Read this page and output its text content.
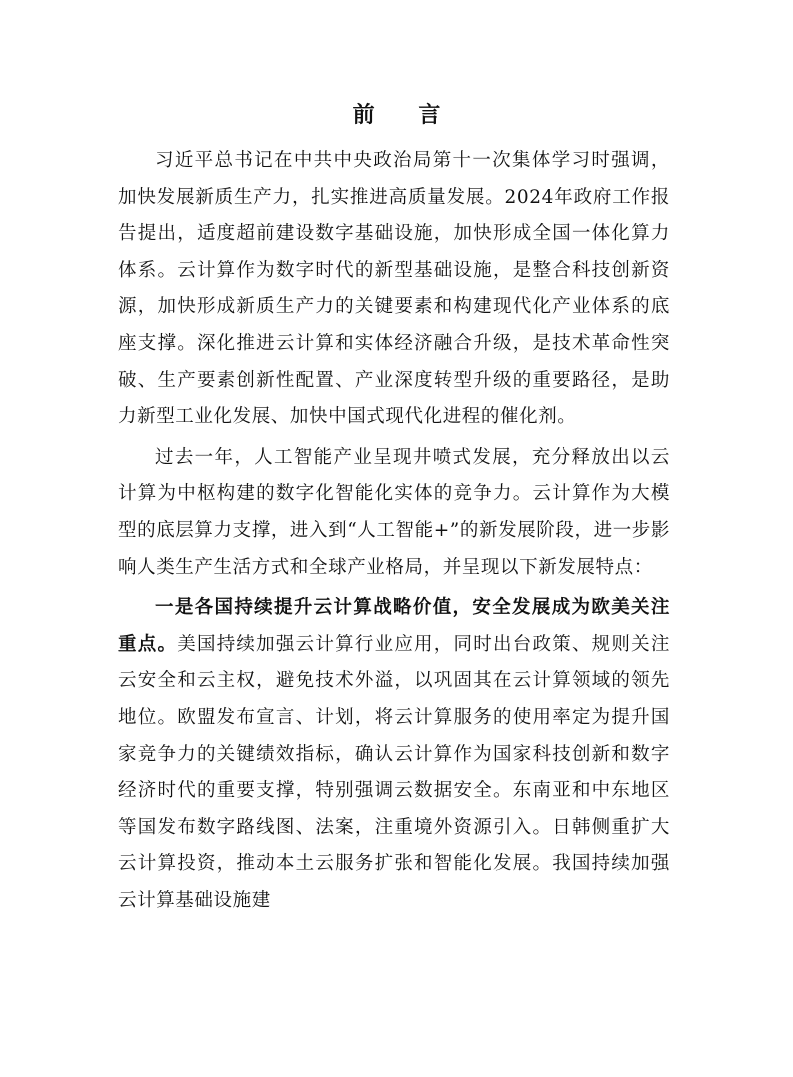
前 言

习近平总书记在中共中央政治局第十一次集体学习时强调，加快发展新质生产力，扎实推进高质量发展。2024年政府工作报告提出，适度超前建设数字基础设施，加快形成全国一体化算力体系。云计算作为数字时代的新型基础设施，是整合科技创新资源，加快形成新质生产力的关键要素和构建现代化产业体系的底座支撑。深化推进云计算和实体经济融合升级，是技术革命性突破、生产要素创新性配置、产业深度转型升级的重要路径，是助力新型工业化发展、加快中国式现代化进程的催化剂。

过去一年，人工智能产业呈现井喷式发展，充分释放出以云计算为中枢构建的数字化智能化实体的竞争力。云计算作为大模型的底层算力支撑，进入到“人工智能+”的新发展阶段，进一步影响人类生产生活方式和全球产业格局，并呈现以下新发展特点：

一是各国持续提升云计算战略价值，安全发展成为欧美关注重点。美国持续加强云计算行业应用，同时出台政策、规则关注云安全和云主权，避免技术外溢，以巩固其在云计算领域的领先地位。欧盟发布宣言、计划，将云计算服务的使用率定为提升国家竞争力的关键绩效指标，确认云计算作为国家科技创新和数字经济时代的重要支撑，特别强调云数据安全。东南亚和中东地区等国发布数字路线图、法案，注重境外资源引入。日韩侧重扩大云计算投资，推动本土云服务扩张和智能化发展。我国持续加强云计算基础设施建
